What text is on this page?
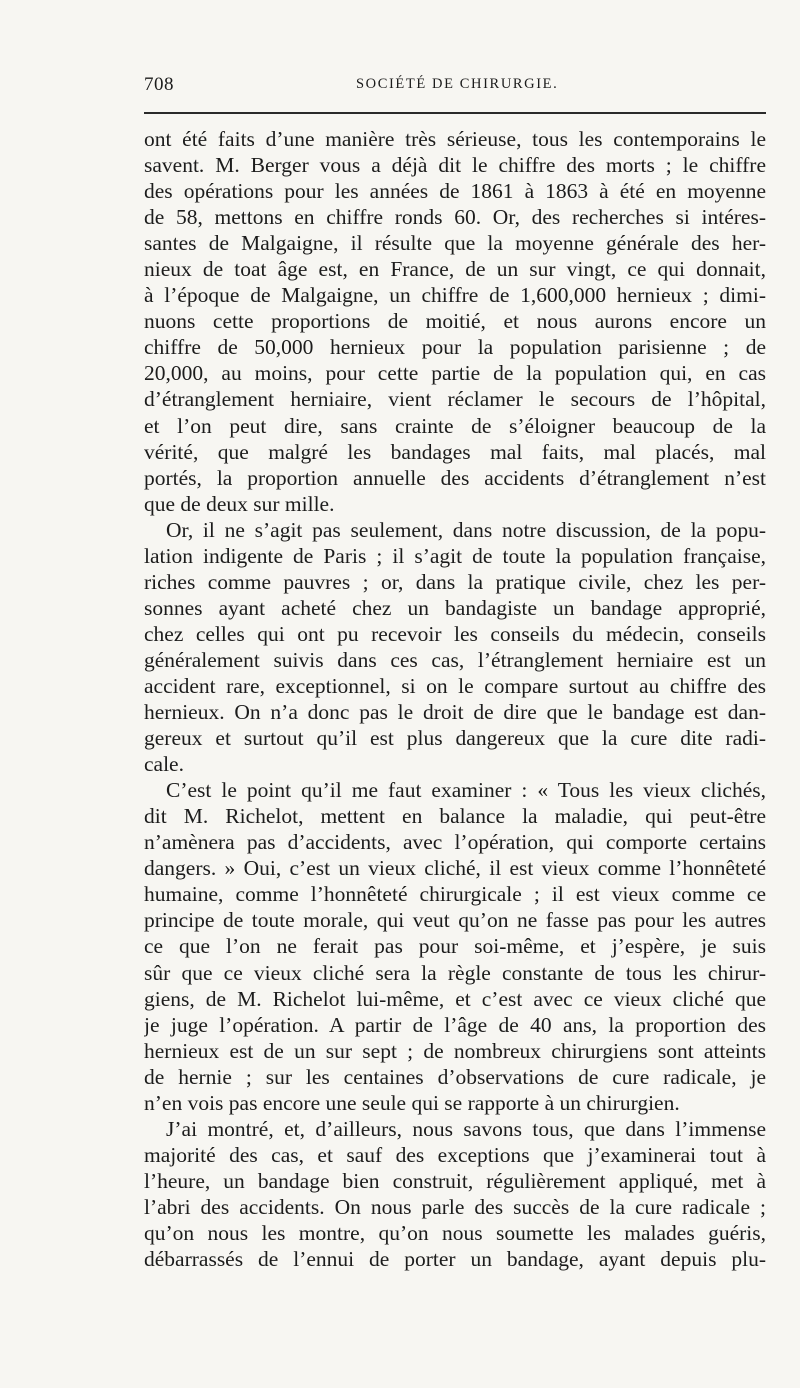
708	SOCIÉTÉ DE CHIRURGIE.
ont été faits d’une manière très sérieuse, tous les contemporains le
savent. M. Berger vous a déjà dit le chiffre des morts ; le chiffre
des opérations pour les années de 1861 à 1863 à été en moyenne
de 58, mettons en chiffre ronds 60. Or, des recherches si intéres-
santes de Malgaigne, il résulte que la moyenne générale des her-
nieux de toat âge est, en France, de un sur vingt, ce qui donnait,
à l’époque de Malgaigne, un chiffre de 1,600,000 hernieux ; dimi-
nuons cette proportions de moitié, et nous aurons encore un
chiffre de 50,000 hernieux pour la population parisienne ; de
20,000, au moins, pour cette partie de la population qui, en cas
d’étranglement herniaire, vient réclamer le secours de l’hôpital,
et l’on peut dire, sans crainte de s’éloigner beaucoup de la
vérité, que malgré les bandages mal faits, mal placés, mal
portés, la proportion annuelle des accidents d’étranglement n’est
que de deux sur mille.
Or, il ne s’agit pas seulement, dans notre discussion, de la popu-
lation indigente de Paris ; il s’agit de toute la population française,
riches comme pauvres ; or, dans la pratique civile, chez les per-
sonnes ayant acheté chez un bandagiste un bandage approprié,
chez celles qui ont pu recevoir les conseils du médecin, conseils
généralement suivis dans ces cas, l’étranglement herniaire est un
accident rare, exceptionnel, si on le compare surtout au chiffre des
hernieux. On n’a donc pas le droit de dire que le bandage est dan-
gereux et surtout qu’il est plus dangereux que la cure dite radi-
cale.
C’est le point qu’il me faut examiner : « Tous les vieux clichés,
dit M. Richelot, mettent en balance la maladie, qui peut-être
n’amènera pas d’accidents, avec l’opération, qui comporte certains
dangers. » Oui, c’est un vieux cliché, il est vieux comme l’honnêteté
humaine, comme l’honnêteté chirurgicale ; il est vieux comme ce
principe de toute morale, qui veut qu’on ne fasse pas pour les autres
ce que l’on ne ferait pas pour soi-même, et j’espère, je suis
sûr que ce vieux cliché sera la règle constante de tous les chirur-
giens, de M. Richelot lui-même, et c’est avec ce vieux cliché que
je juge l’opération. A partir de l’âge de 40 ans, la proportion des
hernieux est de un sur sept ; de nombreux chirurgiens sont atteints
de hernie ; sur les centaines d’observations de cure radicale, je
n’en vois pas encore une seule qui se rapporte à un chirurgien.
J’ai montré, et, d’ailleurs, nous savons tous, que dans l’immense
majorité des cas, et sauf des exceptions que j’examinerai tout à
l’heure, un bandage bien construit, régulièrement appliqué, met à
l’abri des accidents. On nous parle des succès de la cure radicale ;
qu’on nous les montre, qu’on nous soumette les malades guéris,
débarrassés de l’ennui de porter un bandage, ayant depuis plu-
